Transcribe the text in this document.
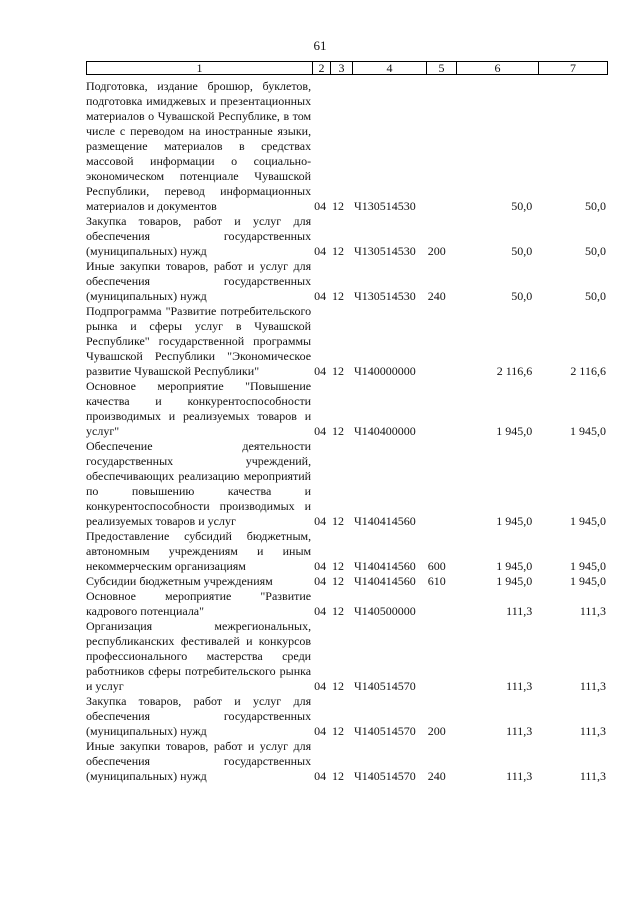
61
1	2	3	4	5	6	7
Подготовка, издание брошюр, буклетов, подготовка имиджевых и презентационных материалов о Чувашской Республике, в том числе с переводом на иностранные языки, размещение материалов в средствах массовой информации о социально-экономическом потенциале Чувашской Республики, перевод информационных материалов и документов	04 12 Ч130514530	50,0	50,0
Закупка товаров, работ и услуг для обеспечения государственных (муниципальных) нужд	04 12 Ч130514530 200	50,0	50,0
Иные закупки товаров, работ и услуг для обеспечения государственных (муниципальных) нужд	04 12 Ч130514530 240	50,0	50,0
Подпрограмма "Развитие потребительского рынка и сферы услуг в Чувашской Республике" государственной программы Чувашской Республики "Экономическое развитие Чувашской Республики"	04 12 Ч140000000	2 116,6	2 116,6
Основное мероприятие "Повышение качества и конкурентоспособности производимых и реализуемых товаров и услуг"	04 12 Ч140400000	1 945,0	1 945,0
Обеспечение деятельности государственных учреждений, обеспечивающих реализацию мероприятий по повышению качества и конкурентоспособности производимых и реализуемых товаров и услуг	04 12 Ч140414560	1 945,0	1 945,0
Предоставление субсидий бюджетным, автономным учреждениям и иным некоммерческим организациям	04 12 Ч140414560 600	1 945,0	1 945,0
Субсидии бюджетным учреждениям	04 12 Ч140414560 610	1 945,0	1 945,0
Основное мероприятие "Развитие кадрового потенциала"	04 12 Ч140500000	111,3	111,3
Организация межрегиональных, республиканских фестивалей и конкурсов профессионального мастерства среди работников сферы потребительского рынка и услуг	04 12 Ч140514570	111,3	111,3
Закупка товаров, работ и услуг для обеспечения государственных (муниципальных) нужд	04 12 Ч140514570 200	111,3	111,3
Иные закупки товаров, работ и услуг для обеспечения государственных (муниципальных) нужд	04 12 Ч140514570 240	111,3	111,3
